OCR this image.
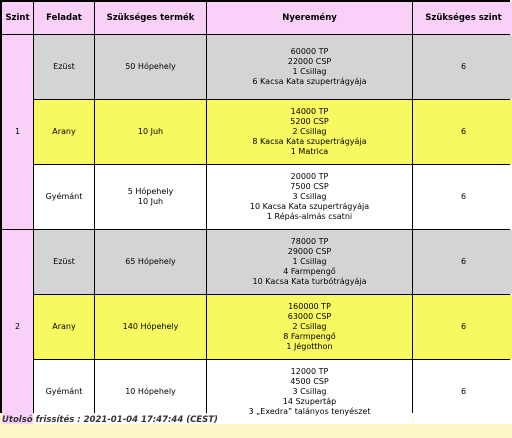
Szint	Feladat	Szükséges termék	Nyeremény	Szükséges szint
1	Ezüst	50 Hópehely	60000 TP
22000 CSP
1 Csillag
6 Kacsa Kata szupertrágyája	6
	Arany	10 Juh	14000 TP
5200 CSP
2 Csillag
8 Kacsa Kata szupertrágyája
1 Matrica	6
	Gyémánt	5 Hópehely
10 Juh	20000 TP
7500 CSP
3 Csillag
10 Kacsa Kata szupertrágyája
1 Répás-almás csatni	6
2	Ezüst	65 Hópehely	78000 TP
29000 CSP
1 Csillag
4 Farmpengő
10 Kacsa Kata turbótrágyája	6
	Arany	140 Hópehely	160000 TP
63000 CSP
2 Csillag
8 Farmpengő
1 Jégotthon	6
	Gyémánt	10 Hópehely	12000 TP
4500 CSP
3 Csillag
14 Szupertáp
3 „Exedra” talányos tenyészet	6
Utolsó frissítés : 2021-01-04 17:47:44 (CEST)
